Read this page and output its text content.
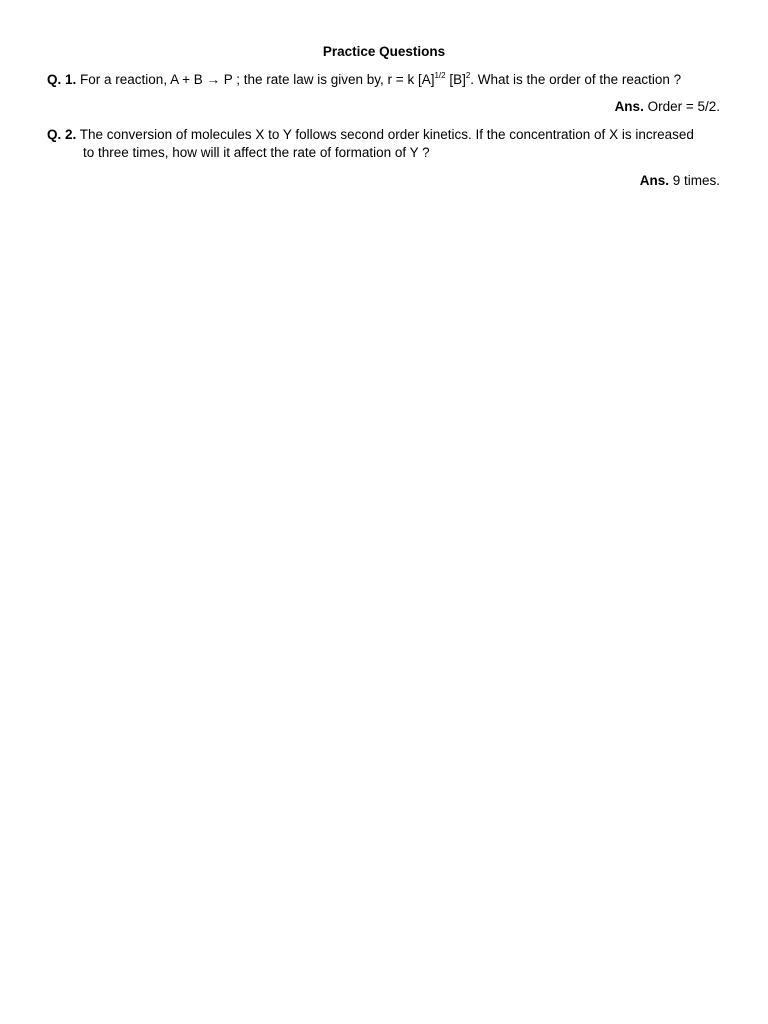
Practice Questions
Q. 1. For a reaction, A + B → P ; the rate law is given by, r = k $[A]^{1/2}$ $[B]^2$. What is the order of the reaction ?
Ans. Order = 5/2.
Q. 2. The conversion of molecules X to Y follows second order kinetics. If the concentration of X is increased
to three times, how will it affect the rate of formation of Y ?
Ans. 9 times.
